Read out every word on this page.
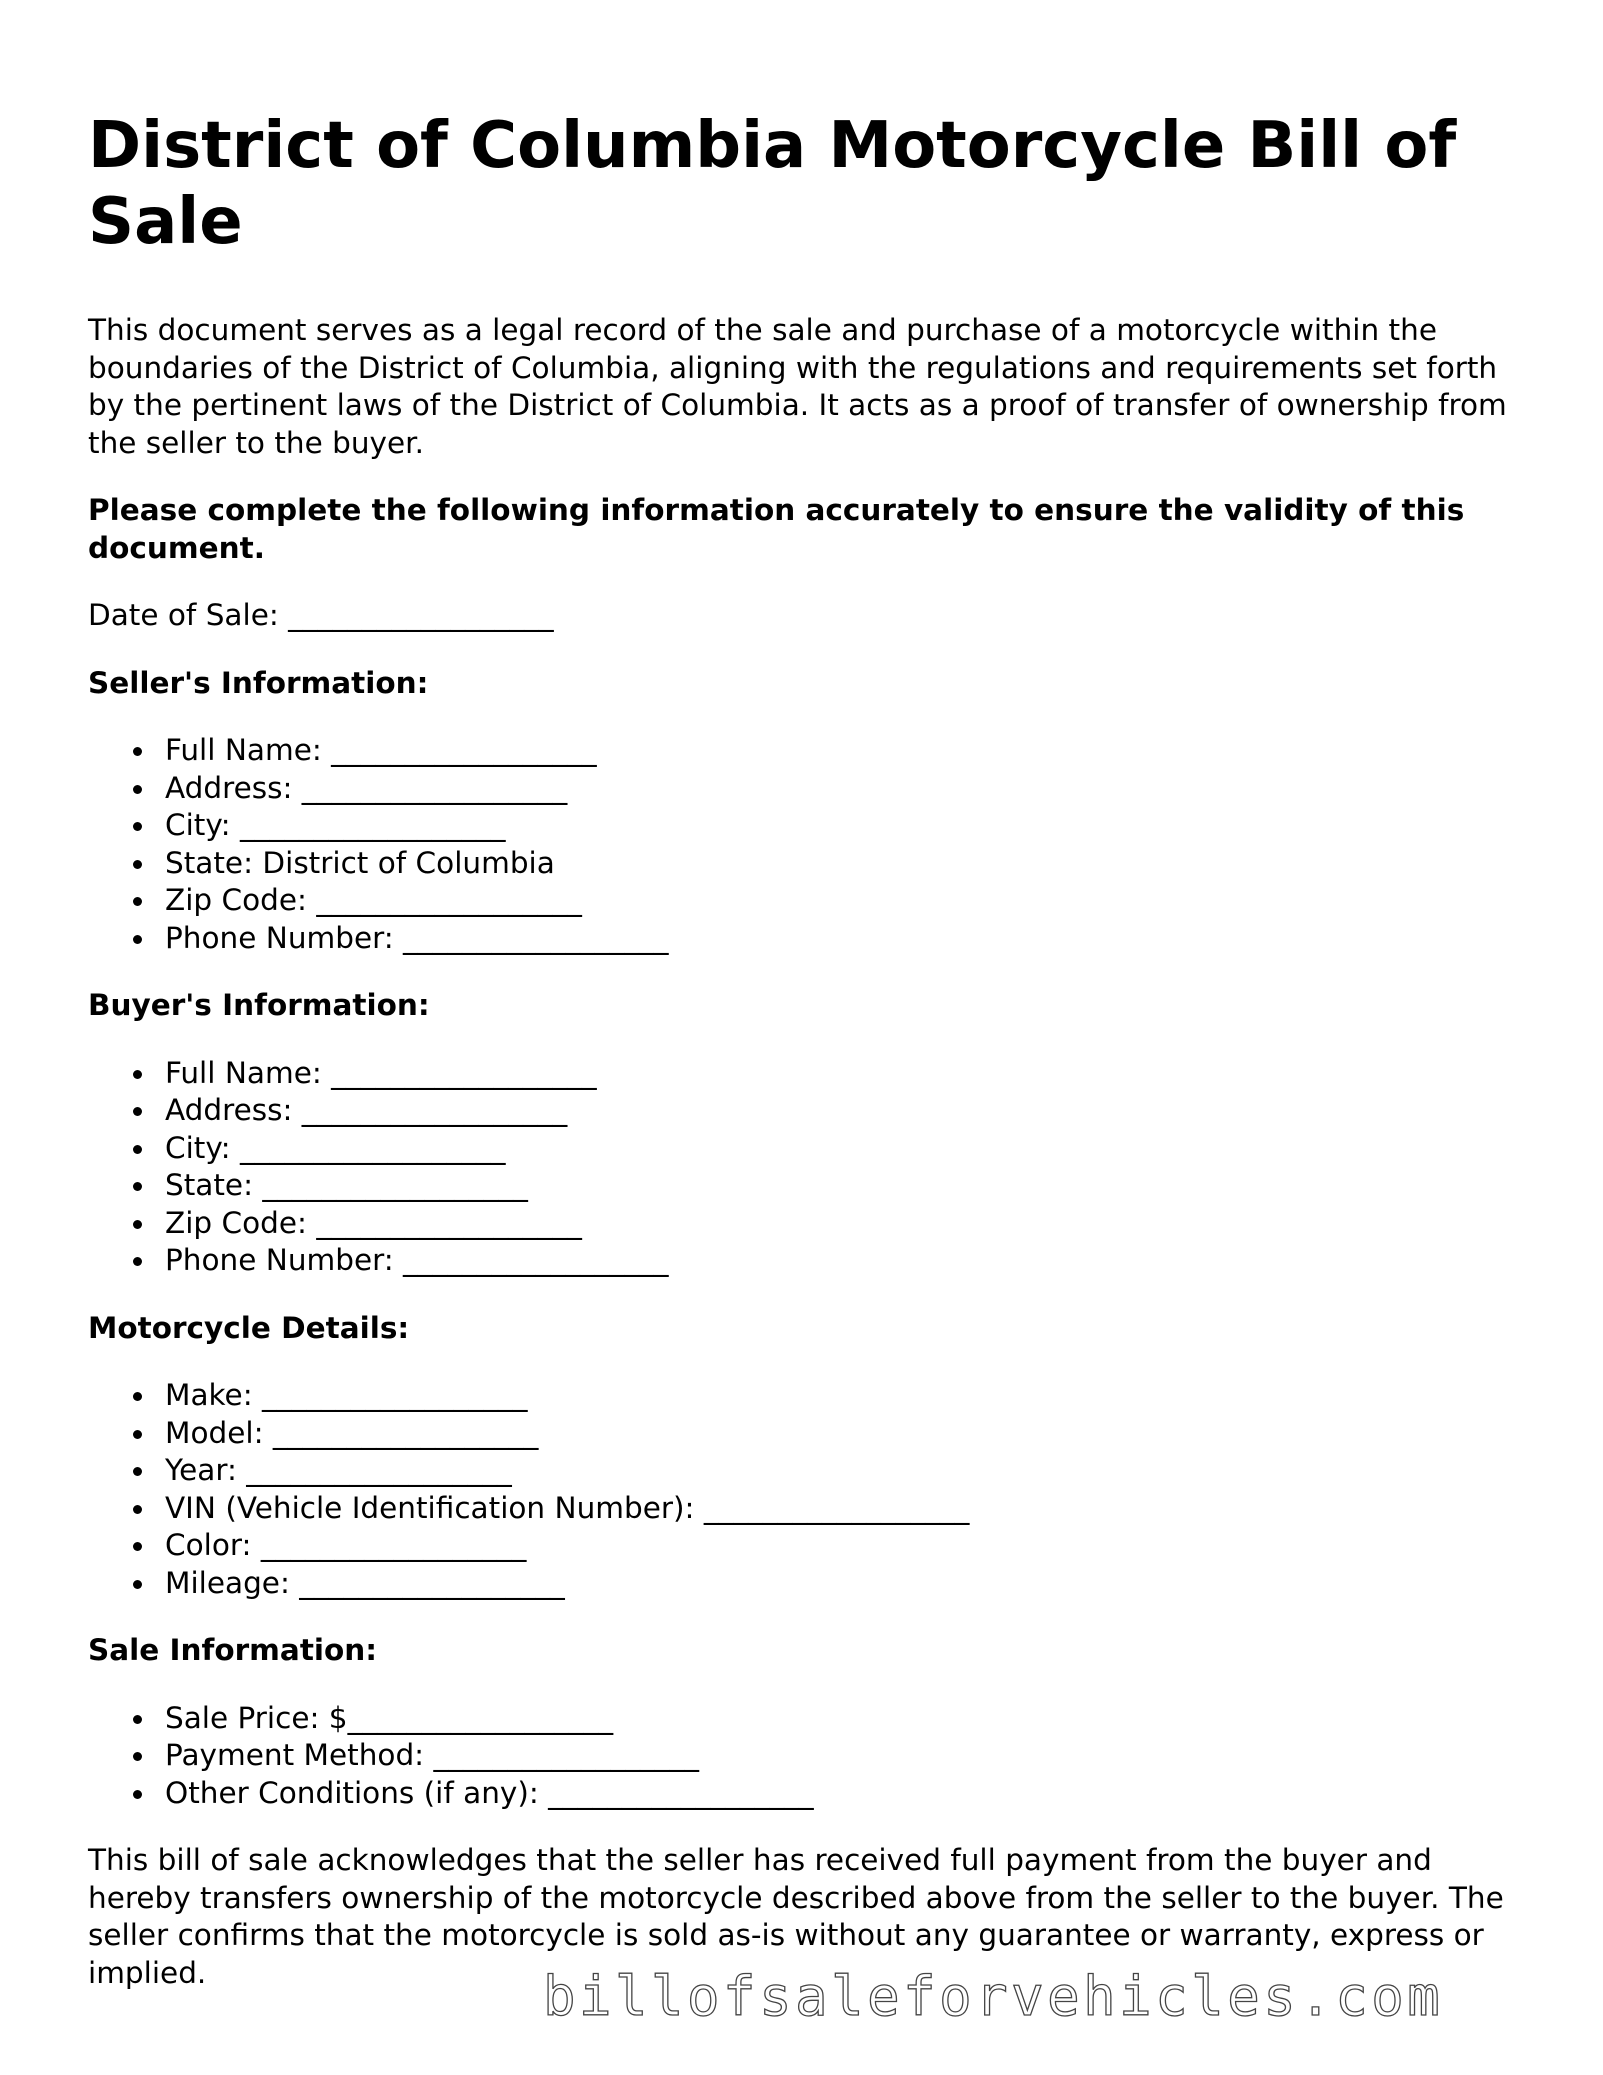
District of Columbia Motorcycle Bill of Sale

This document serves as a legal record of the sale and purchase of a motorcycle within the boundaries of the District of Columbia, aligning with the regulations and requirements set forth by the pertinent laws of the District of Columbia. It acts as a proof of transfer of ownership from the seller to the buyer.

Please complete the following information accurately to ensure the validity of this document.

Date of Sale: __________________

Seller's Information:
Full Name: __________________
Address: __________________
City: __________________
State: District of Columbia
Zip Code: __________________
Phone Number: __________________
Buyer's Information:
Full Name: __________________
Address: __________________
City: __________________
State: __________________
Zip Code: __________________
Phone Number: __________________
Motorcycle Details:
Make: __________________
Model: __________________
Year: __________________
VIN (Vehicle Identification Number): __________________
Color: __________________
Mileage: __________________
Sale Information:
Sale Price: $__________________
Payment Method: __________________
Other Conditions (if any): __________________

This bill of sale acknowledges that the seller has received full payment from the buyer and hereby transfers ownership of the motorcycle described above from the seller to the buyer. The seller confirms that the motorcycle is sold as-is without any guarantee or warranty, express or implied.	billofsaleforvehicles.com
